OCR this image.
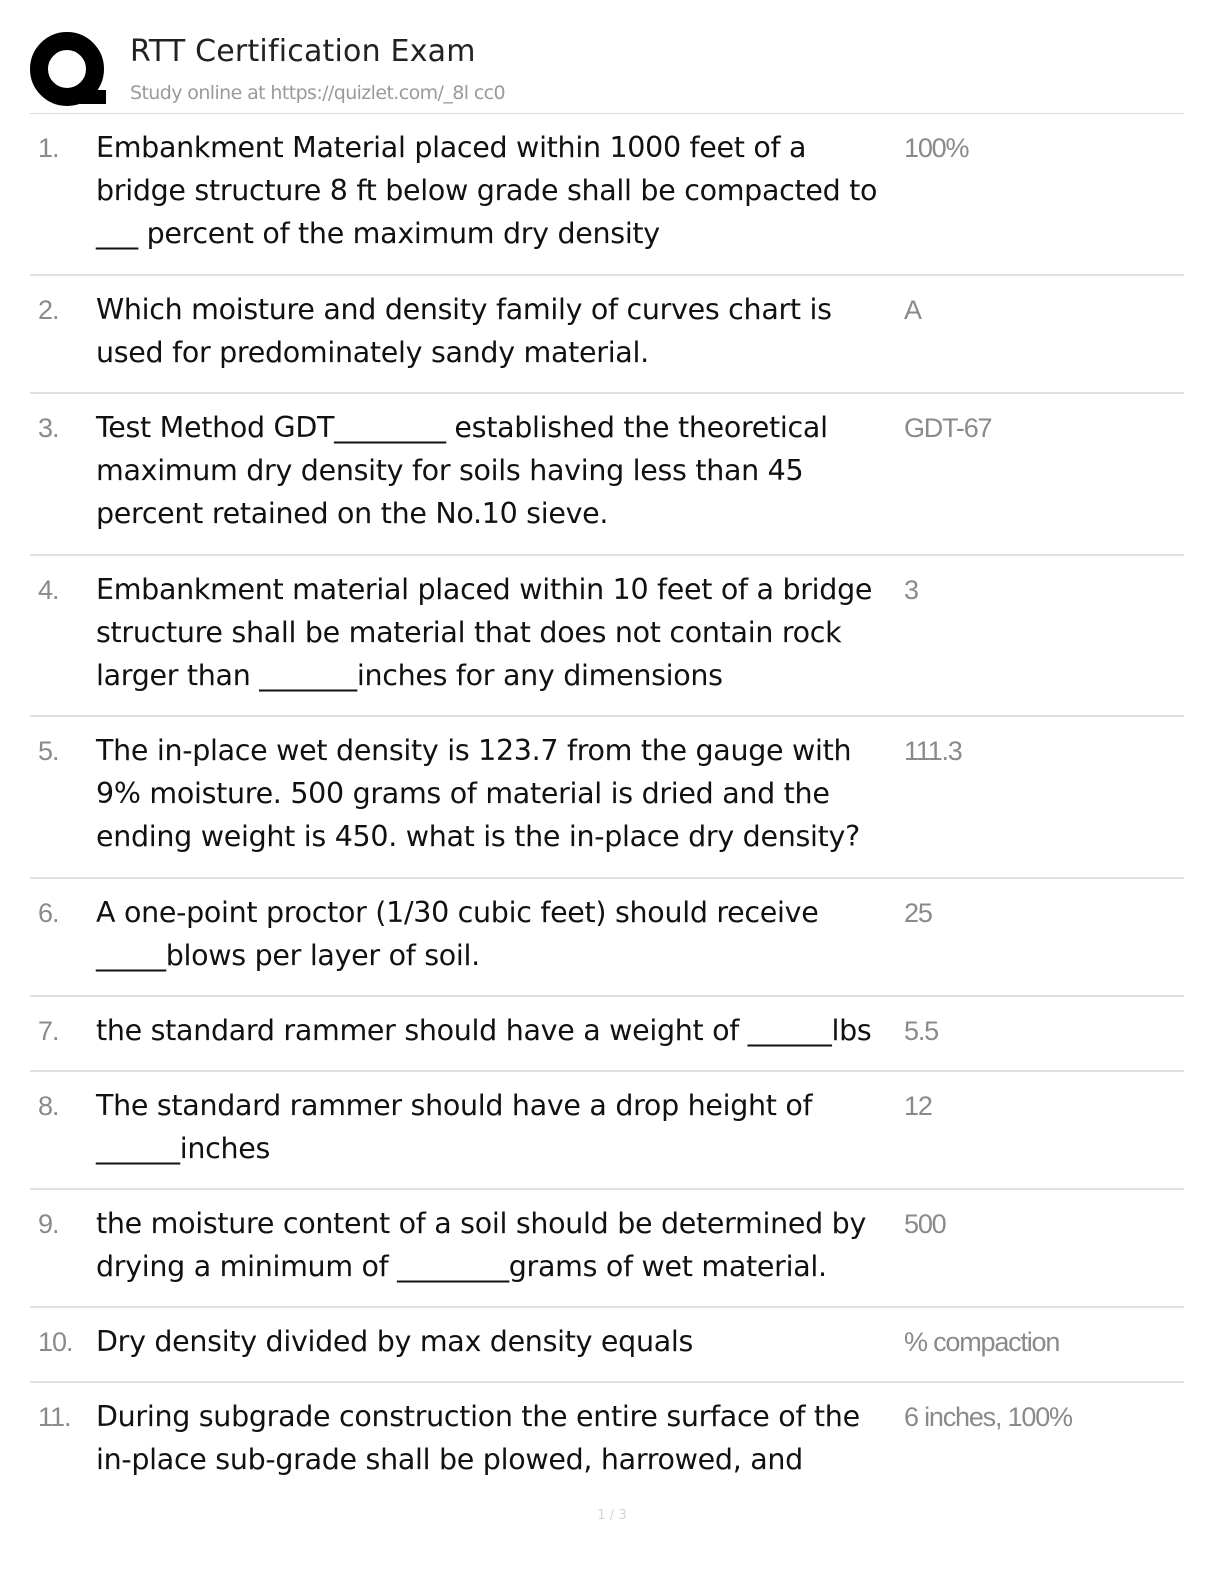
RTT Certification Exam
Study online at https://quizlet.com/_8l cc0
1. Embankment Material placed within 1000 feet of a bridge structure 8 ft below grade shall be compacted to ___ percent of the maximum dry density
100%
2. Which moisture and density family of curves chart is used for predominately sandy material.
A
3. Test Method GDT________ established the theoretical maximum dry density for soils having less than 45 percent retained on the No.10 sieve.
GDT-67
4. Embankment material placed within 10 feet of a bridge structure shall be material that does not contain rock larger than _______inches for any dimensions
3
5. The in-place wet density is 123.7 from the gauge with 9% moisture. 500 grams of material is dried and the ending weight is 450. what is the in-place dry density?
111.3
6. A one-point proctor (1/30 cubic feet) should receive _____blows per layer of soil.
25
7. the standard rammer should have a weight of ______lbs	5.5
8. The standard rammer should have a drop height of ______inches
12
9. the moisture content of a soil should be determined by drying a minimum of ________grams of wet material.
500
10. Dry density divided by max density equals	% compaction
11. During subgrade construction the entire surface of the in-place sub-grade shall be plowed, harrowed, and
6 inches, 100%
1 / 3
